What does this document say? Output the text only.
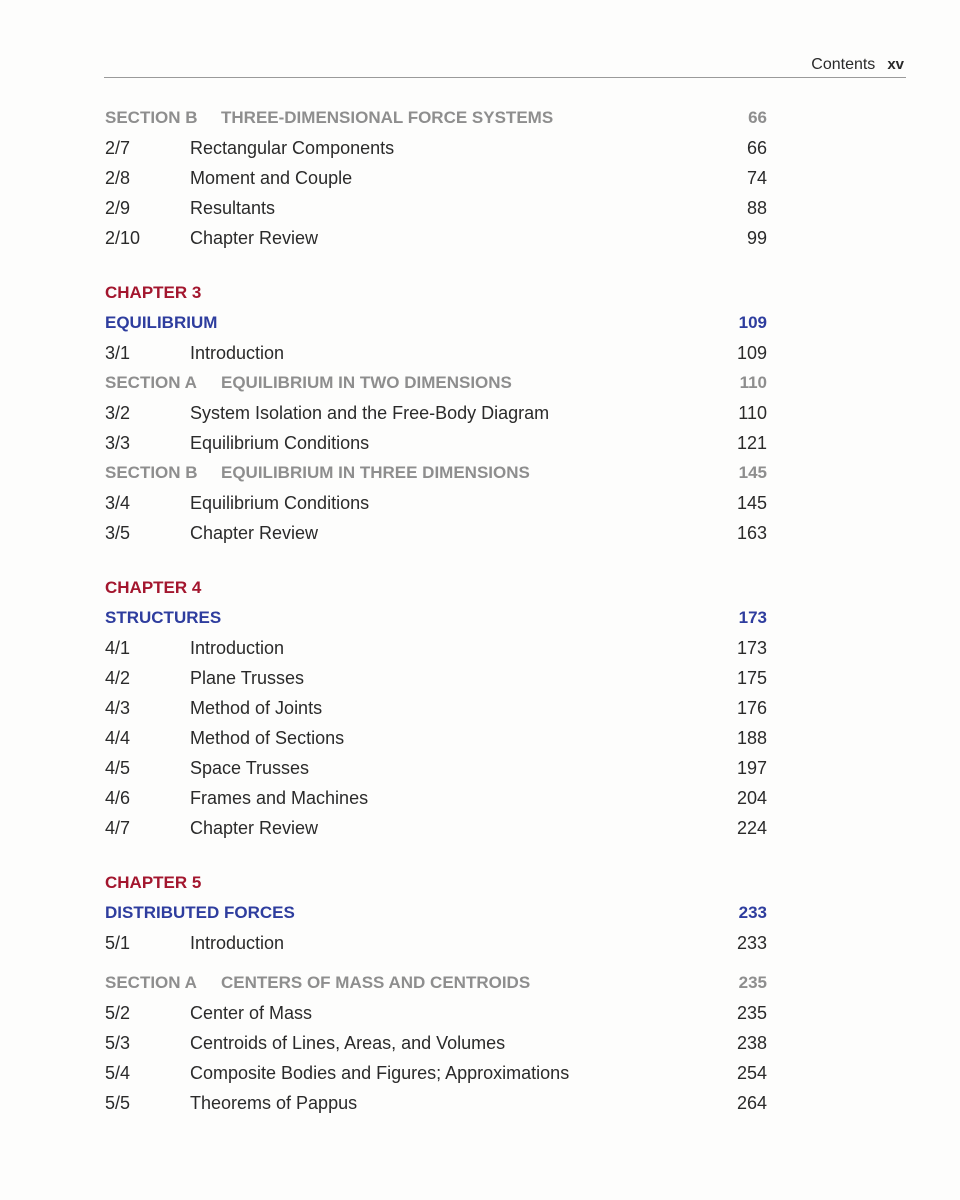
Contents xv
SECTION B	THREE-DIMENSIONAL FORCE SYSTEMS	66
2/7	Rectangular Components	66
2/8	Moment and Couple	74
2/9	Resultants	88
2/10	Chapter Review	99
CHAPTER 3
EQUILIBRIUM	109
3/1	Introduction	109
SECTION A	EQUILIBRIUM IN TWO DIMENSIONS	110
3/2	System Isolation and the Free-Body Diagram	110
3/3	Equilibrium Conditions	121
SECTION B	EQUILIBRIUM IN THREE DIMENSIONS	145
3/4	Equilibrium Conditions	145
3/5	Chapter Review	163
CHAPTER 4
STRUCTURES	173
4/1	Introduction	173
4/2	Plane Trusses	175
4/3	Method of Joints	176
4/4	Method of Sections	188
4/5	Space Trusses	197
4/6	Frames and Machines	204
4/7	Chapter Review	224
CHAPTER 5
DISTRIBUTED FORCES	233
5/1	Introduction	233
SECTION A	CENTERS OF MASS AND CENTROIDS	235
5/2	Center of Mass	235
5/3	Centroids of Lines, Areas, and Volumes	238
5/4	Composite Bodies and Figures; Approximations	254
5/5	Theorems of Pappus	264
